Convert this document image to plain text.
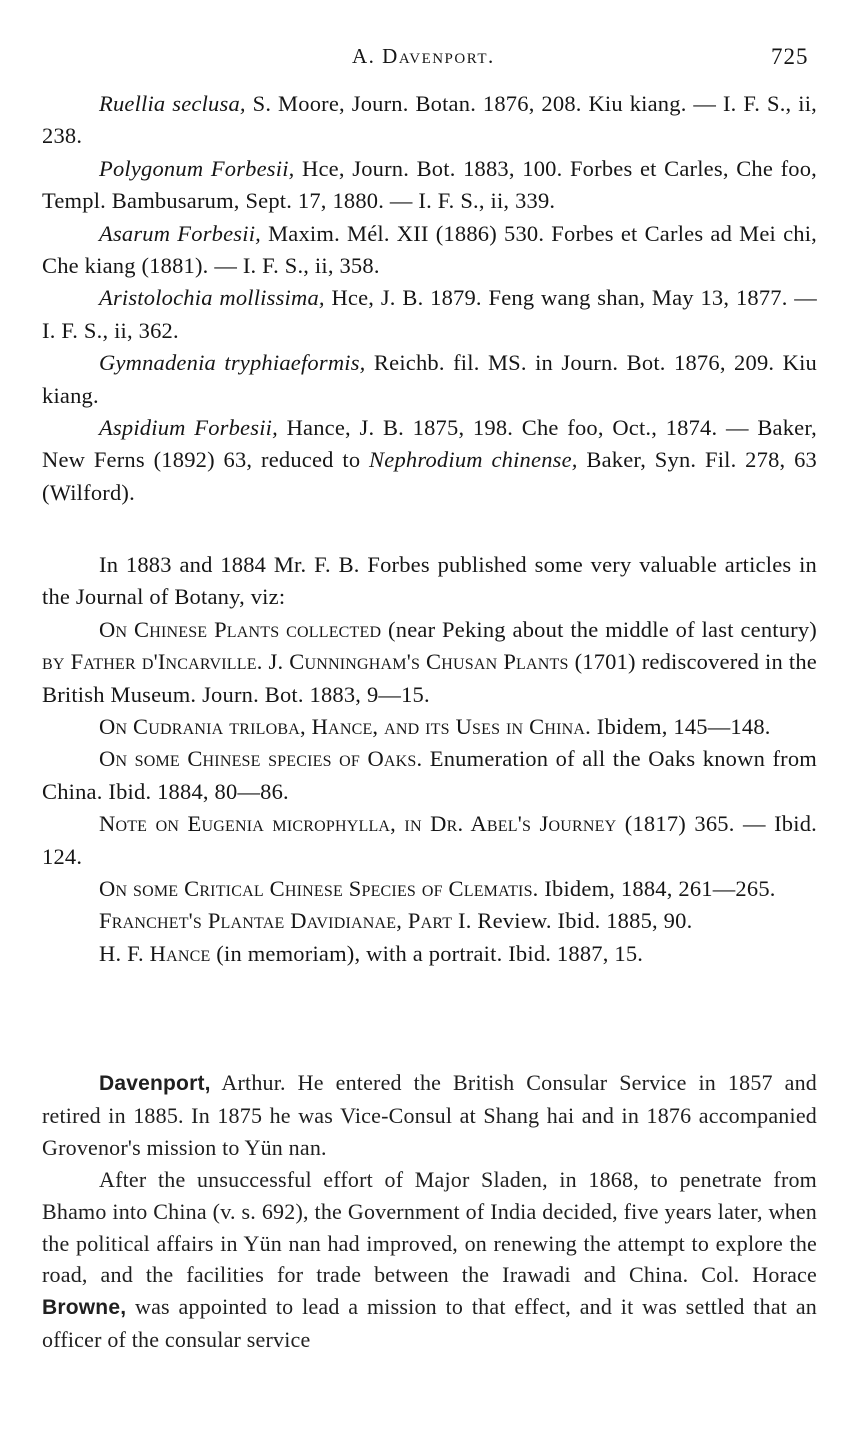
A. Davenport.	725

Ruellia seclusa, S. Moore, Journ. Botan. 1876, 208. Kiu kiang. — I. F. S., ii, 238.

Polygonum Forbesii, Hce, Journ. Bot. 1883, 100. Forbes et Carles, Che foo, Templ. Bambusarum, Sept. 17, 1880. — I. F. S., ii, 339.

Asarum Forbesii, Maxim. Mél. XII (1886) 530. Forbes et Carles ad Mei chi, Che kiang (1881). — I. F. S., ii, 358.

Aristolochia mollissima, Hce, J. B. 1879. Feng wang shan, May 13, 1877. — I. F. S., ii, 362.

Gymnadenia tryphiaeformis, Reichb. fil. MS. in Journ. Bot. 1876, 209. Kiu kiang.

Aspidium Forbesii, Hance, J. B. 1875, 198. Che foo, Oct., 1874. — Baker, New Ferns (1892) 63, reduced to Nephrodium chinense, Baker, Syn. Fil. 278, 63 (Wilford).

In 1883 and 1884 Mr. F. B. Forbes published some very valuable articles in the Journal of Botany, viz:

On Chinese Plants collected (near Peking about the middle of last century) by Father d'Incarville. J. Cunningham's Chusan Plants (1701) rediscovered in the British Museum. Journ. Bot. 1883, 9—15.

On Cudrania triloba, Hance, and its Uses in China. Ibidem, 145—148.

On some Chinese species of Oaks. Enumeration of all the Oaks known from China. Ibid. 1884, 80—86.

Note on Eugenia microphylla, in Dr. Abel's Journey (1817) 365. — Ibid. 124.

On some Critical Chinese Species of Clematis. Ibidem, 1884, 261—265.

Franchet's Plantae Davidianae, Part I. Review. Ibid. 1885, 90.

H. F. Hance (in memoriam), with a portrait. Ibid. 1887, 15.

Davenport, Arthur. He entered the British Consular Service in 1857 and retired in 1885. In 1875 he was Vice-Consul at Shang hai and in 1876 accompanied Grovenor's mission to Yün nan.

After the unsuccessful effort of Major Sladen, in 1868, to penetrate from Bhamo into China (v. s. 692), the Government of India decided, five years later, when the political affairs in Yün nan had improved, on renewing the attempt to explore the road, and the facilities for trade between the Irawadi and China. Col. Horace Browne, was appointed to lead a mission to that effect, and it was settled that an officer of the consular service
